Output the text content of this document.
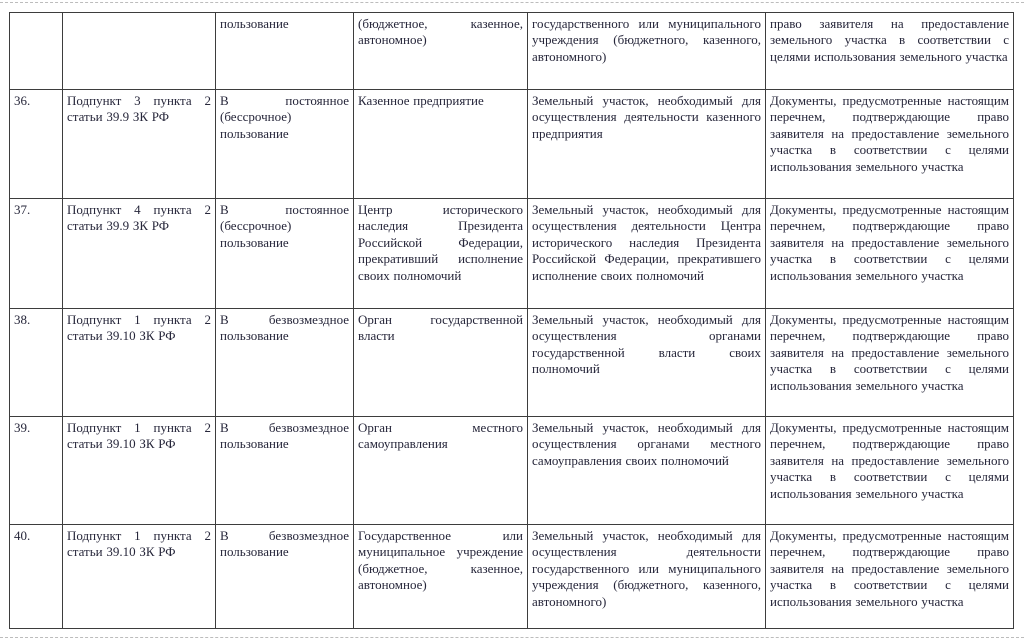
		пользование	(бюджетное, казенное, автономное)	государственного или муниципального учреждения (бюджетного, казенного, автономного)	право заявителя на предоставление земельного участка в соответствии с целями использования земельного участка
36.	Подпункт 3 пункта 2 статьи 39.9 ЗК РФ	В постоянное (бессрочное) пользование	Казенное предприятие	Земельный участок, необходимый для осуществления деятельности казенного предприятия	Документы, предусмотренные настоящим перечнем, подтверждающие право заявителя на предоставление земельного участка в соответствии с целями использования земельного участка
37.	Подпункт 4 пункта 2 статьи 39.9 ЗК РФ	В постоянное (бессрочное) пользование	Центр исторического наследия Президента Российской Федерации, прекративший исполнение своих полномочий	Земельный участок, необходимый для осуществления деятельности Центра исторического наследия Президента Российской Федерации, прекратившего исполнение своих полномочий	Документы, предусмотренные настоящим перечнем, подтверждающие право заявителя на предоставление земельного участка в соответствии с целями использования земельного участка
38.	Подпункт 1 пункта 2 статьи 39.10 ЗК РФ	В безвозмездное пользование	Орган государственной власти	Земельный участок, необходимый для осуществления органами государственной власти своих полномочий	Документы, предусмотренные настоящим перечнем, подтверждающие право заявителя на предоставление земельного участка в соответствии с целями использования земельного участка
39.	Подпункт 1 пункта 2 статьи 39.10 ЗК РФ	В безвозмездное пользование	Орган местного самоуправления	Земельный участок, необходимый для осуществления органами местного самоуправления своих полномочий	Документы, предусмотренные настоящим перечнем, подтверждающие право заявителя на предоставление земельного участка в соответствии с целями использования земельного участка
40.	Подпункт 1 пункта 2 статьи 39.10 ЗК РФ	В безвозмездное пользование	Государственное или муниципальное учреждение (бюджетное, казенное, автономное)	Земельный участок, необходимый для осуществления деятельности государственного или муниципального учреждения (бюджетного, казенного, автономного)	Документы, предусмотренные настоящим перечнем, подтверждающие право заявителя на предоставление земельного участка в соответствии с целями использования земельного участка
